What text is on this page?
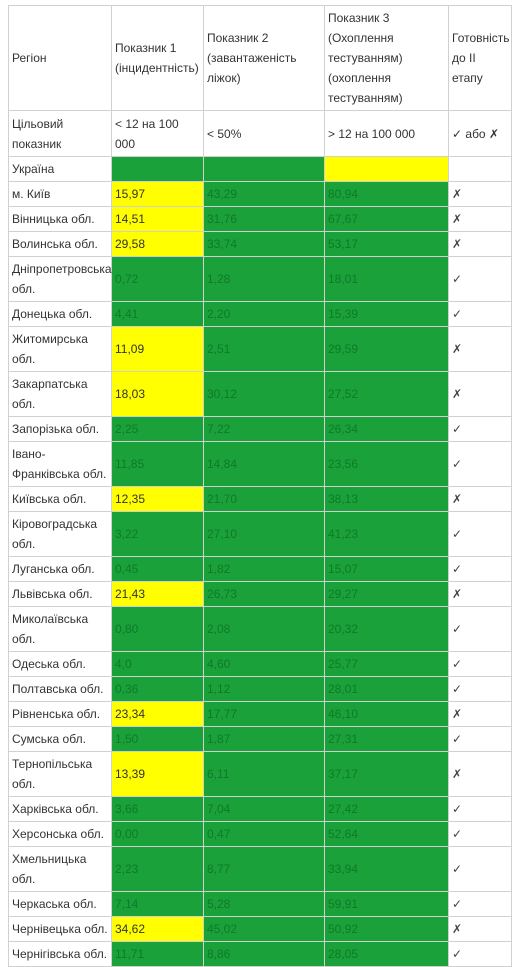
Регіон	Показник 1 (інцидентність)	Показник 2 (завантаженість ліжок)	Показник 3 (Охоплення тестуванням) (охоплення тестуванням)	Готовність до ІІ етапу
Цільовий показник	< 12 на 100 000	< 50%	> 12 на 100 000	✓ або ✗
Україна				
м. Київ	15,97	43,29	80,94	✗
Вінницька обл.	14,51	31,76	67,67	✗
Волинська обл.	29,58	33,74	53,17	✗
Дніпропетровська обл.	0,72	1,28	18,01	✓
Донецька обл.	4,41	2,20	15,39	✓
Житомирська обл.	11,09	2,51	29,59	✗
Закарпатська обл.	18,03	30,12	27,52	✗
Запорізька обл.	2,25	7,22	26,34	✓
Івано-Франківська обл.	11,85	14,84	23,56	✓
Київська обл.	12,35	21,70	38,13	✗
Кіровоградська обл.	3,22	27,10	41,23	✓
Луганська обл.	0,45	1,82	15,07	✓
Львівська обл.	21,43	26,73	29,27	✗
Миколаївська обл.	0,80	2,08	20,32	✓
Одеська обл.	4,0	4,60	25,77	✓
Полтавська обл.	0,36	1,12	28,01	✓
Рівненська обл.	23,34	17,77	46,10	✗
Сумська обл.	1,50	1,87	27,31	✓
Тернопільська обл.	13,39	6,11	37,17	✗
Харківська обл.	3,66	7,04	27,42	✓
Херсонська обл.	0,00	0,47	52,64	✓
Хмельницька обл.	2,23	8,77	33,94	✓
Черкаська обл.	7,14	5,28	59,91	✓
Чернівецька обл.	34,62	45,02	50,92	✗
Чернігівська обл.	11,71	8,86	28,05	✓
